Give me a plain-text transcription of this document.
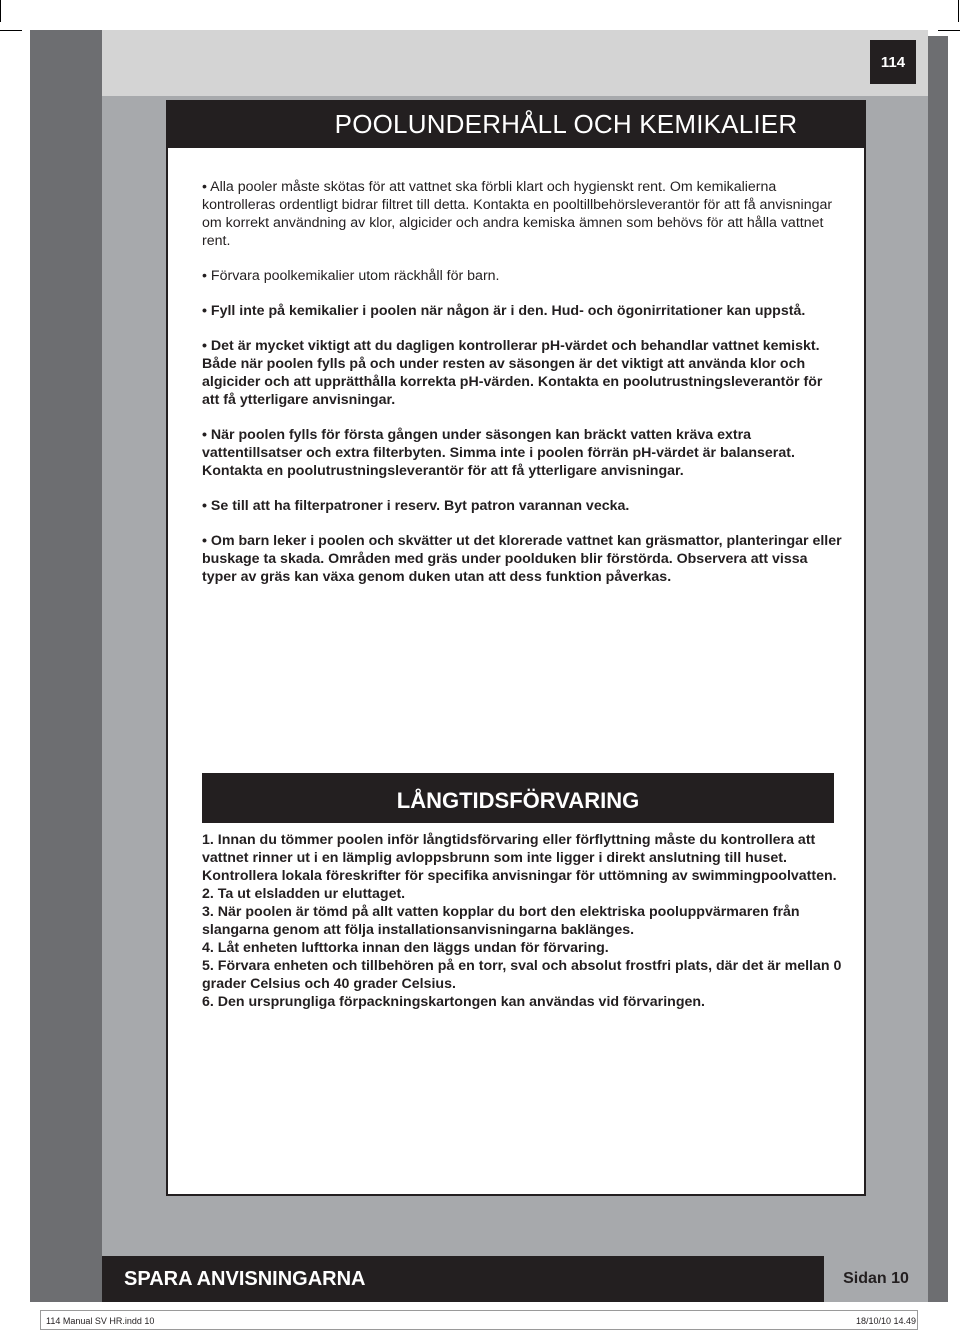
114
POOLUNDERHÅLL OCH KEMIKALIER

• Alla pooler måste skötas för att vattnet ska förbli klart och hygienskt rent. Om kemikalierna kontrolleras ordentligt bidrar filtret till detta. Kontakta en pooltillbehörsleverantör för att få anvisningar om korrekt användning av klor, algicider och andra kemiska ämnen som behövs för att hålla vattnet rent.

• Förvara poolkemikalier utom räckhåll för barn.

• Fyll inte på kemikalier i poolen när någon är i den. Hud- och ögonirritationer kan uppstå.

• Det är mycket viktigt att du dagligen kontrollerar pH-värdet och behandlar vattnet kemiskt. Både när poolen fylls på och under resten av säsongen är det viktigt att använda klor och algicider och att upprätthålla korrekta pH-värden. Kontakta en poolutrustningsleverantör för att få ytterligare anvisningar.

• När poolen fylls för första gången under säsongen kan bräckt vatten kräva extra vattentillsatser och extra filterbyten. Simma inte i poolen förrän pH-värdet är balanserat. Kontakta en poolutrustningsleverantör för att få ytterligare anvisningar.

• Se till att ha filterpatroner i reserv. Byt patron varannan vecka.

• Om barn leker i poolen och skvätter ut det klorerade vattnet kan gräsmattor, planteringar eller buskage ta skada. Områden med gräs under poolduken blir förstörda. Observera att vissa typer av gräs kan växa genom duken utan att dess funktion påverkas.

LÅNGTIDSFÖRVARING
1. Innan du tömmer poolen inför långtidsförvaring eller förflyttning måste du kontrollera att vattnet rinner ut i en lämplig avloppsbrunn som inte ligger i direkt anslutning till huset. Kontrollera lokala föreskrifter för specifika anvisningar för uttömning av swimmingpoolvatten.
2. Ta ut elsladden ur eluttaget.
3. När poolen är tömd på allt vatten kopplar du bort den elektriska pooluppvärmaren från slangarna genom att följa installationsanvisningarna baklänges.
4. Låt enheten lufttorka innan den läggs undan för förvaring.
5. Förvara enheten och tillbehören på en torr, sval och absolut frostfri plats, där det är mellan 0 grader Celsius och 40 grader Celsius.
6. Den ursprungliga förpackningskartongen kan användas vid förvaringen.
SPARA ANVISNINGARNA	Sidan 10
114 Manual SV HR.indd 10	18/10/10 14.49
